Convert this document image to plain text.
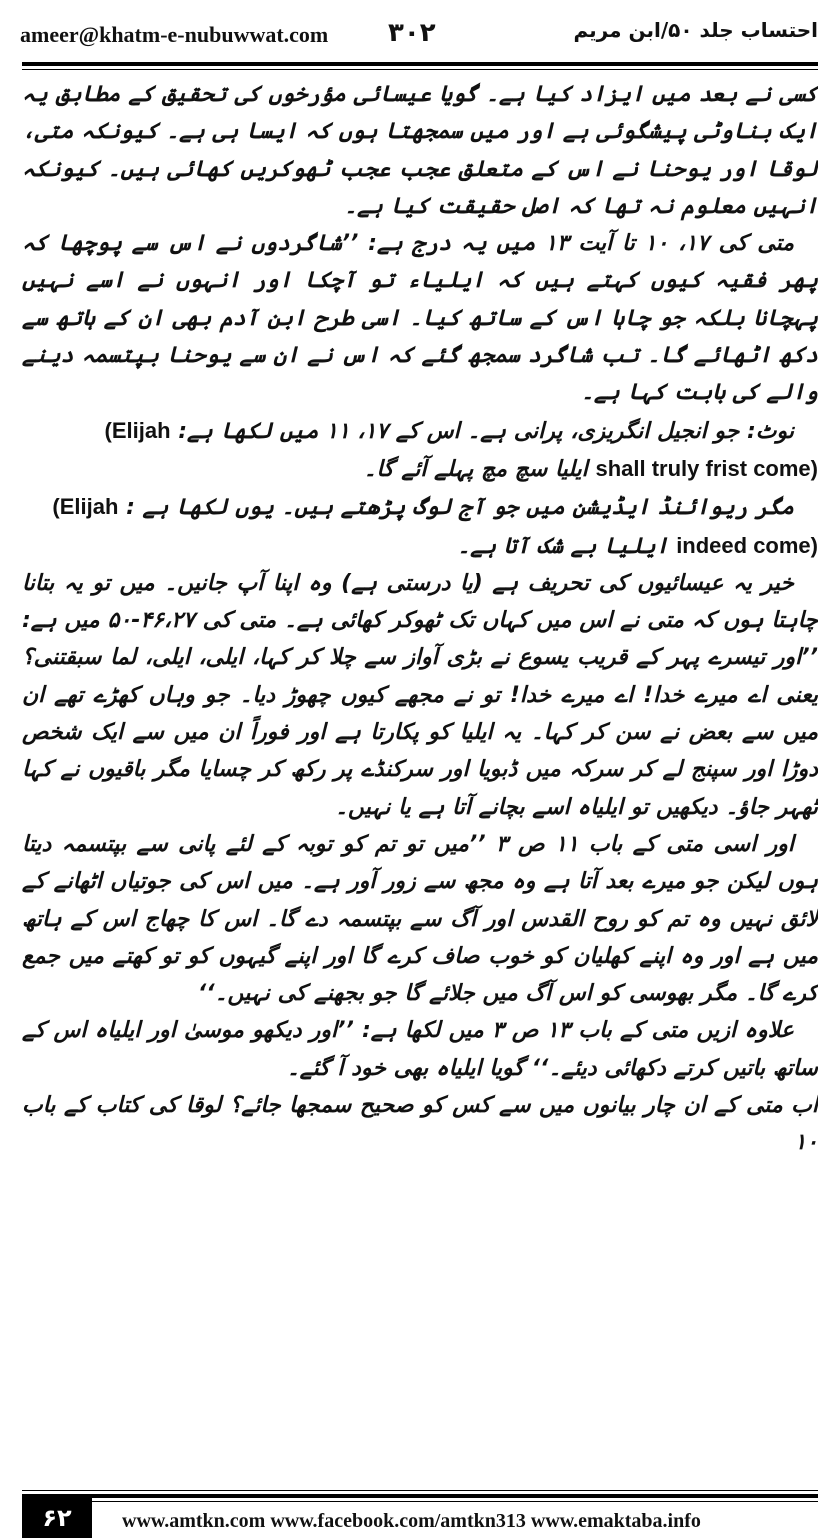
ameer@khatm-e-nubuwwat.com ۳۰۲	احتساب جلد ۵۰/ابن مریم

کسی نے بعد میں ایزاد کیا ہے۔ گویا عیسائی مؤرخوں کی تحقیق کے مطابق یہ ایک بناوٹی پیشگوئی ہے اور میں سمجھتا ہوں کہ ایسا ہی ہے۔ کیونکہ متی، لوقا اور یوحنا نے اس کے متعلق عجب عجب ٹھوکریں کھائی ہیں۔ کیونکہ انہیں معلوم نہ تھا کہ اصل حقیقت کیا ہے۔

متی کی ۱۷، ۱۰ تا آیت ۱۳ میں یہ درج ہے: ’’شاگردوں نے اس سے پوچھا کہ پھر فقیہ کیوں کہتے ہیں کہ ایلیاء تو آچکا اور انہوں نے اسے نہیں پہچانا بلکہ جو چاہا اس کے ساتھ کیا۔ اسی طرح ابن آدم بھی ان کے ہاتھ سے دکھ اٹھائے گا۔ تب شاگرد سمجھ گئے کہ اس نے ان سے یوحنا بپتسمہ دینے والے کی بابت کہا ہے۔

نوٹ: جو انجیل انگریزی، پرانی ہے۔ اس کے ۱۷، ۱۱ میں لکھا ہے: (Elijah
shall truly frist come) ایلیا سچ مچ پہلے آئے گا۔

مگر ریوائنڈ ایڈیشن میں جو آج لوگ پڑھتے ہیں۔ یوں لکھا ہے : (Elijah
indeed come) ایلیا بے شک آتا ہے۔

خیر یہ عیسائیوں کی تحریف ہے (یا درستی ہے) وہ اپنا آپ جانیں۔ میں تو یہ بتانا چاہتا ہوں کہ متی نے اس میں کہاں تک ٹھوکر کھائی ہے۔ متی کی ۴۶،۲۷-۵۰ میں ہے: ’’اور تیسرے پہر کے قریب یسوع نے بڑی آواز سے چلا کر کہا، ایلی، ایلی، لما سبقتنی؟ یعنی اے میرے خدا! اے میرے خدا! تو نے مجھے کیوں چھوڑ دیا۔ جو وہاں کھڑے تھے ان میں سے بعض نے سن کر کہا۔ یہ ایلیا کو پکارتا ہے اور فوراً ان میں سے ایک شخص دوڑا اور سپنج لے کر سرکہ میں ڈبویا اور سرکنڈے پر رکھ کر چسایا مگر باقیوں نے کہا ٹھہر جاؤ۔ دیکھیں تو ایلیاہ اسے بچانے آتا ہے یا نہیں۔

اور اسی متی کے باب ۱۱ ص ۳ ’’میں تو تم کو توبہ کے لئے پانی سے بپتسمہ دیتا ہوں لیکن جو میرے بعد آتا ہے وہ مجھ سے زور آور ہے۔ میں اس کی جوتیاں اٹھانے کے لائق نہیں وہ تم کو روح القدس اور آگ سے بپتسمہ دے گا۔ اس کا چھاج اس کے ہاتھ میں ہے اور وہ اپنے کھلیان کو خوب صاف کرے گا اور اپنے گیہوں کو تو کھتے میں جمع کرے گا۔ مگر بھوسی کو اس آگ میں جلائے گا جو بجھنے کی نہیں۔‘‘

علاوہ ازیں متی کے باب ۱۳ ص ۳ میں لکھا ہے: ’’اور دیکھو موسیٰ اور ایلیاہ اس کے ساتھ باتیں کرتے دکھائی دیئے۔‘‘ گویا ایلیاہ بھی خود آ گئے۔

اب متی کے ان چار بیانوں میں سے کس کو صحیح سمجھا جائے؟ لوقا کی کتاب کے باب ۱۰

۶۲	www.amtkn.com www.facebook.com/amtkn313 www.emaktaba.info
